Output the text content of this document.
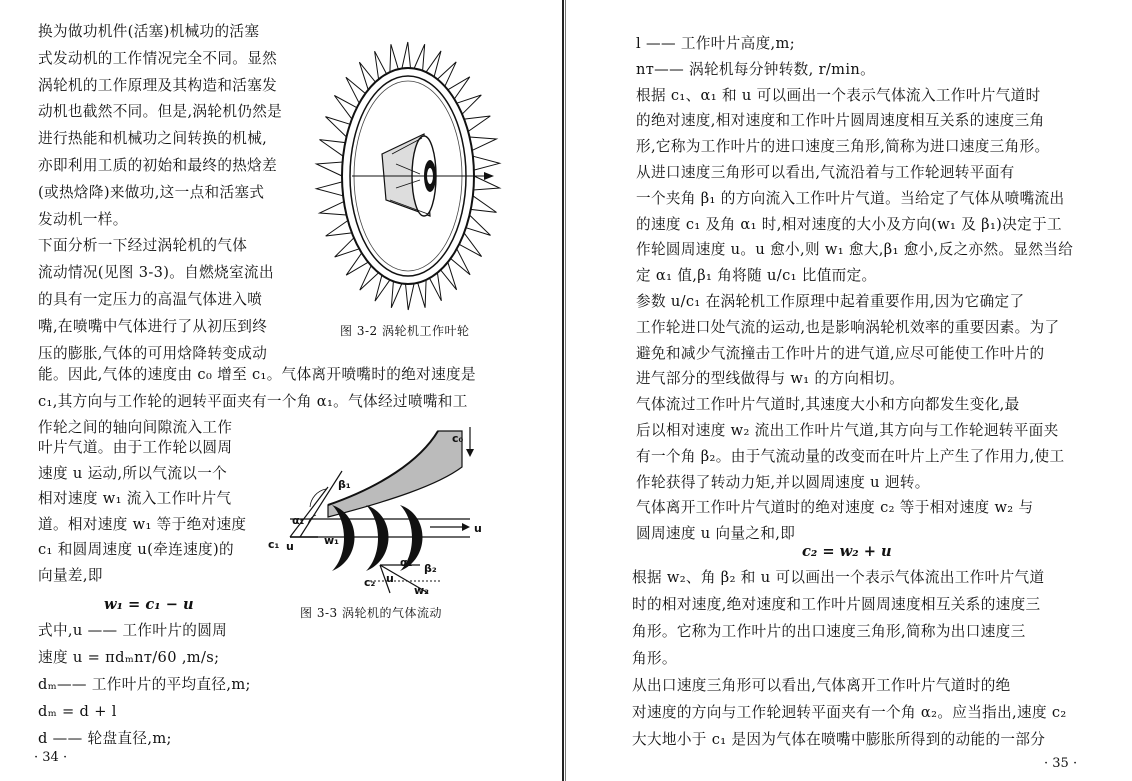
换为做功机件(活塞)机械功的活塞
式发动机的工作情况完全不同。显然
涡轮机的工作原理及其构造和活塞发
动机也截然不同。但是,涡轮机仍然是
进行热能和机械功之间转换的机械,
亦即利用工质的初始和最终的热焓差
(或热焓降)来做功,这一点和活塞式
发动机一样。
下面分析一下经过涡轮机的气体
流动情况(见图 3-3)。自燃烧室流出
的具有一定压力的高温气体进入喷
嘴,在喷嘴中气体进行了从初压到终
压的膨胀,气体的可用焓降转变成动
能。因此,气体的速度由 c₀ 增至 c₁。气体离开喷嘴时的绝对速度是
c₁,其方向与工作轮的迥转平面夹有一个角 α₁。气体经过喷嘴和工
作轮之间的轴向间隙流入工作
叶片气道。由于工作轮以圆周
速度 u 运动,所以气流以一个
相对速度 w₁ 流入工作叶片气
道。相对速度 w₁ 等于绝对速度
c₁ 和圆周速度 u(牵连速度)的
向量差,即
w₁ = c₁ − u
式中,u —— 工作叶片的圆周
速度 u = πdₘnᴛ/60 ,m/s;
dₘ—— 工作叶片的平均直径,m;
dₘ = d + l
d —— 轮盘直径,m;
图 3-2 涡轮机工作叶轮
c₀
β₁
α₁
c₁ u	w₁
u
α₂ β₂
c₂ u
w₂
图 3-3 涡轮机的气体流动
· 34 ·
l —— 工作叶片高度,m;
nᴛ—— 涡轮机每分钟转数, r/min。
根据 c₁、α₁ 和 u 可以画出一个表示气体流入工作叶片气道时
的绝对速度,相对速度和工作叶片圆周速度相互关系的速度三角
形,它称为工作叶片的进口速度三角形,简称为进口速度三角形。
从进口速度三角形可以看出,气流沿着与工作轮迥转平面有
一个夹角 β₁ 的方向流入工作叶片气道。当给定了气体从喷嘴流出
的速度 c₁ 及角 α₁ 时,相对速度的大小及方向(w₁ 及 β₁)决定于工
作轮圆周速度 u。u 愈小,则 w₁ 愈大,β₁ 愈小,反之亦然。显然当给
定 α₁ 值,β₁ 角将随 u/c₁ 比值而定。
参数 u/c₁ 在涡轮机工作原理中起着重要作用,因为它确定了
工作轮进口处气流的运动,也是影响涡轮机效率的重要因素。为了
避免和减少气流撞击工作叶片的进气道,应尽可能使工作叶片的
进气部分的型线做得与 w₁ 的方向相切。
气体流过工作叶片气道时,其速度大小和方向都发生变化,最
后以相对速度 w₂ 流出工作叶片气道,其方向与工作轮迥转平面夹
有一个角 β₂。由于气流动量的改变而在叶片上产生了作用力,使工
作轮获得了转动力矩,并以圆周速度 u 迥转。
气体离开工作叶片气道时的绝对速度 c₂ 等于相对速度 w₂ 与
圆周速度 u 向量之和,即
c₂ = w₂ + u
根据 w₂、角 β₂ 和 u 可以画出一个表示气体流出工作叶片气道
时的相对速度,绝对速度和工作叶片圆周速度相互关系的速度三
角形。它称为工作叶片的出口速度三角形,简称为出口速度三
角形。
从出口速度三角形可以看出,气体离开工作叶片气道时的绝
对速度的方向与工作轮迥转平面夹有一个角 α₂。应当指出,速度 c₂
大大地小于 c₁ 是因为气体在喷嘴中膨胀所得到的动能的一部分
· 35 ·
